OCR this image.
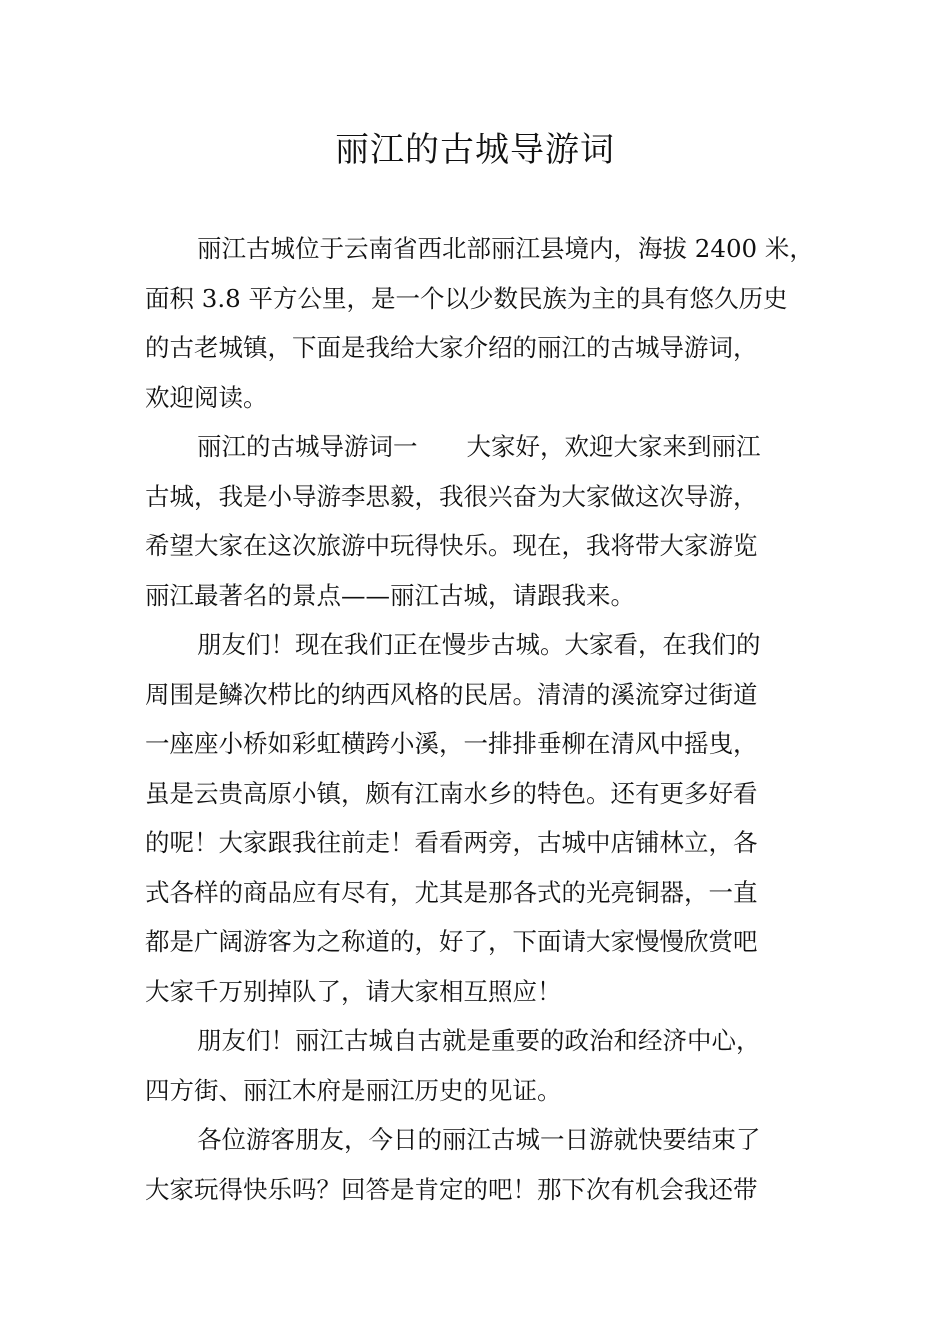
丽江的古城导游词
丽江古城位于云南省西北部丽江县境内，海拔 2400 米，
面积 3.8 平方公里，是一个以少数民族为主的具有悠久历史
的古老城镇，下面是我给大家介绍的丽江的古城导游词，
欢迎阅读。
丽江的古城导游词一　　大家好，欢迎大家来到丽江
古城，我是小导游李思毅，我很兴奋为大家做这次导游，
希望大家在这次旅游中玩得快乐。现在，我将带大家游览
丽江最著名的景点——丽江古城，请跟我来。
朋友们！现在我们正在慢步古城。大家看，在我们的
周围是鳞次栉比的纳西风格的民居。清清的溪流穿过街道
一座座小桥如彩虹横跨小溪，一排排垂柳在清风中摇曳，
虽是云贵高原小镇，颇有江南水乡的特色。还有更多好看
的呢！大家跟我往前走！看看两旁，古城中店铺林立，各
式各样的商品应有尽有，尤其是那各式的光亮铜器，一直
都是广阔游客为之称道的，好了，下面请大家慢慢欣赏吧
大家千万别掉队了，请大家相互照应！
朋友们！丽江古城自古就是重要的政治和经济中心，
四方街、丽江木府是丽江历史的见证。
各位游客朋友，今日的丽江古城一日游就快要结束了
大家玩得快乐吗？回答是肯定的吧！那下次有机会我还带
